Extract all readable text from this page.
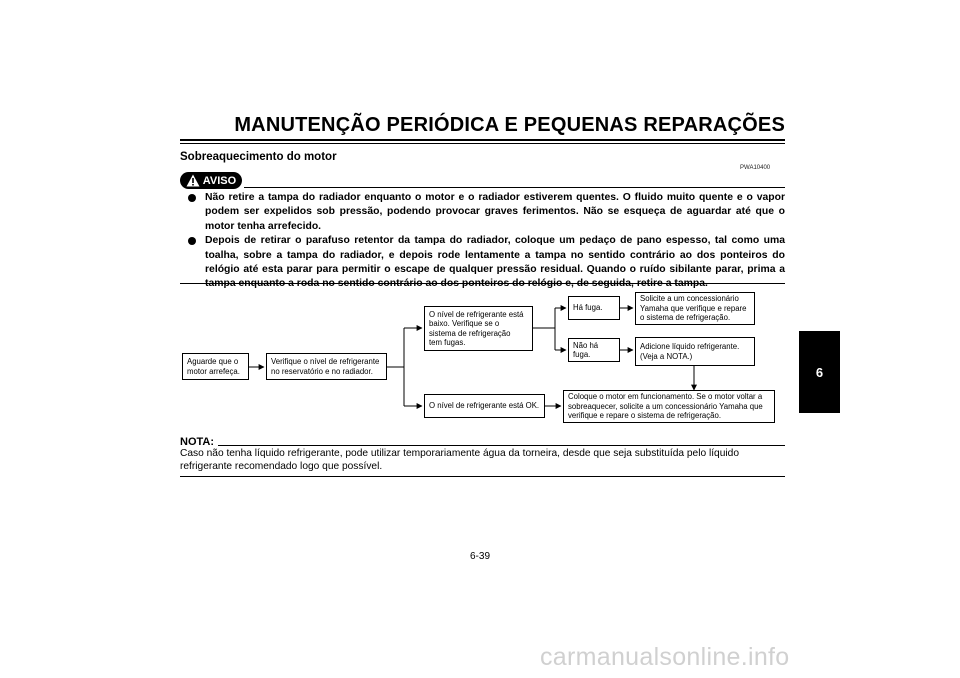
MANUTENÇÃO PERIÓDICA E PEQUENAS REPARAÇÕES
Sobreaquecimento do motor
PWA10400
AVISO
Não retire a tampa do radiador enquanto o motor e o radiador estiverem quentes. O fluido muito quente e o vapor podem ser expelidos sob pressão, podendo provocar graves ferimentos. Não se esqueça de aguardar até que o motor tenha arrefecido.
Depois de retirar o parafuso retentor da tampa do radiador, coloque um pedaço de pano espesso, tal como uma toalha, sobre a tampa do radiador, e depois rode lentamente a tampa no sentido contrário ao dos ponteiros do relógio até esta parar para permitir o escape de qualquer pressão residual. Quando o ruído sibilante parar, prima a
Aguarde que o
motor arrefeça.
Verifique o nível de refrigerante
no reservatório e no radiador.
O nível de refrigerante está
baixo. Verifique se o
sistema de refrigeração
tem fugas.
O nível de refrigerante está OK.
Há fuga.
Não há fuga.
Solicite a um concessionário
Yamaha que verifique e repare
o sistema de refrigeração.
Adicione líquido refrigerante.
(Veja a NOTA.)
Coloque o motor em funcionamento. Se o motor voltar a
sobreaquecer, solicite a um concessionário Yamaha que
verifique e repare o sistema de refrigeração.
NOTA:
Caso não tenha líquido refrigerante, pode utilizar temporariamente água da torneira, desde que seja substituída pelo líquido refrigerante recomendado logo que possível.
6-39
6
carmanualsonline.info
